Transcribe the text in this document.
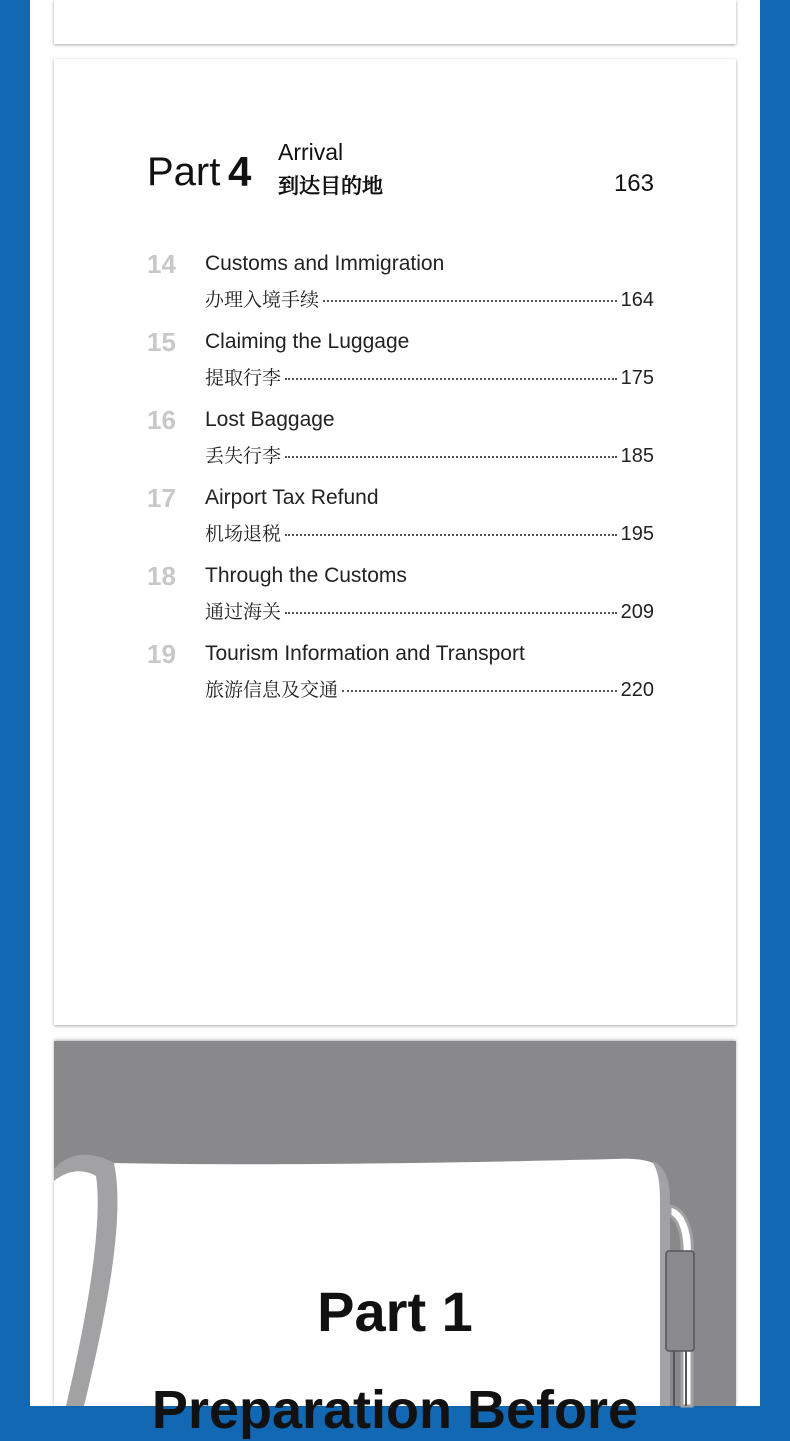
Part 4 Arrival
到达目的地	163
14 Customs and Immigration
办理入境手续	164
15 Claiming the Luggage
提取行李	175
16 Lost Baggage
丢失行李	185
17 Airport Tax Refund
机场退税	195
18 Through the Customs
通过海关	209
19 Tourism Information and Transport
旅游信息及交通	220
Part 1
Preparation Before
